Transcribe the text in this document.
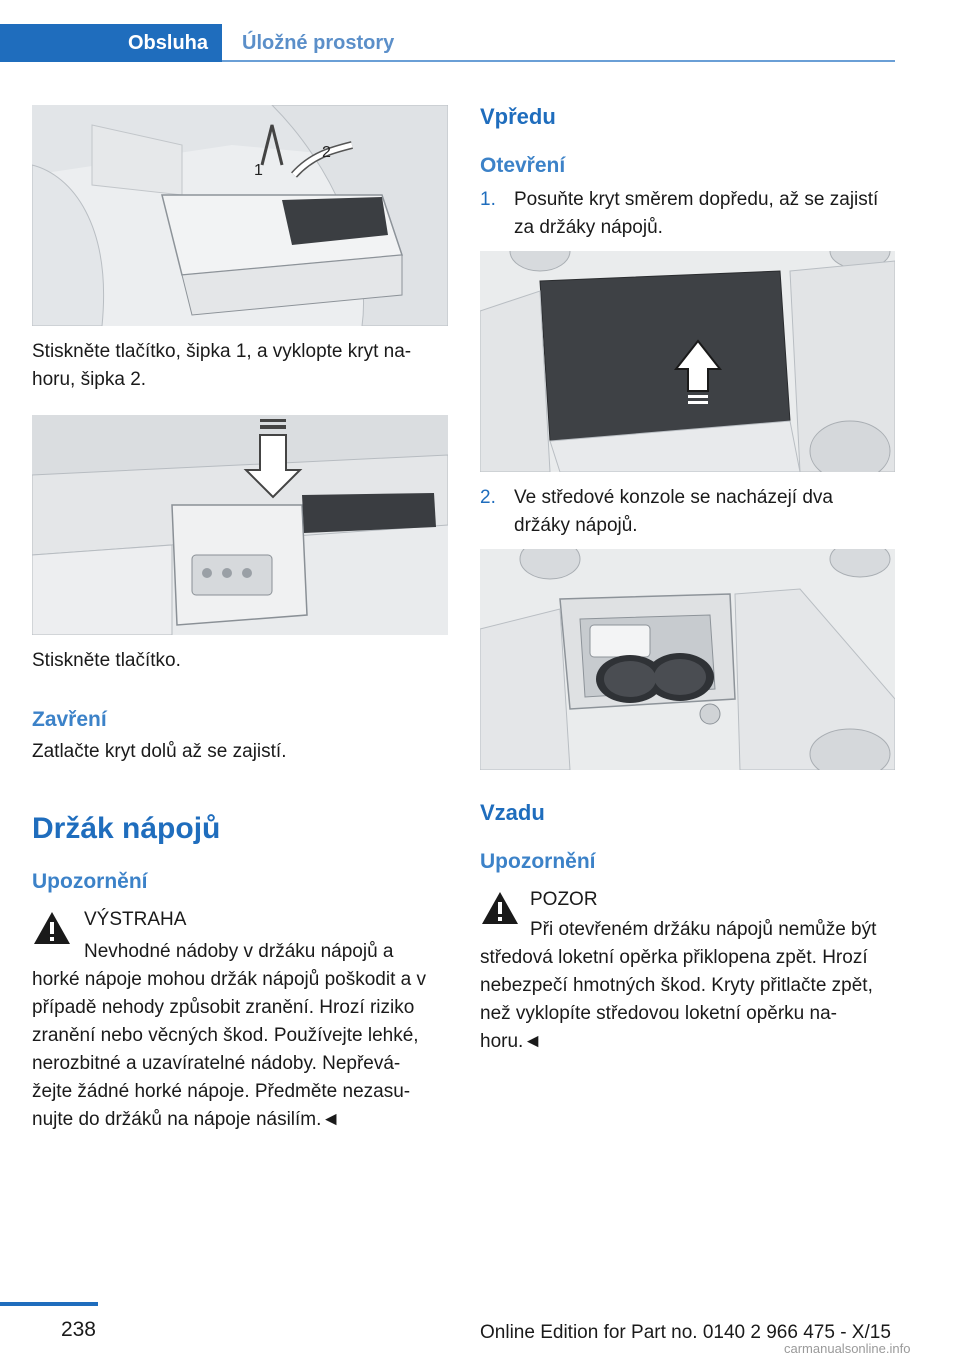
Obsluha	Úložné prostory
1
2
Stiskněte tlačítko, šipka 1, a vyklopte kryt na‐
horu, šipka 2.
Stiskněte tlačítko.
Zavření
Zatlačte kryt dolů až se zajistí.
Držák nápojů
Upozornění
VÝSTRAHA
Nevhodné nádoby v držáku nápojů a
horké nápoje mohou držák nápojů poškodit a v
případě nehody způsobit zranění. Hrozí riziko
zranění nebo věcných škod. Používejte lehké,
nerozbitné a uzavíratelné nádoby. Nepřevá‐
žejte žádné horké nápoje. Předměte nezasu‐
nujte do držáků na nápoje násilím.◄
Vpředu
Otevření
1. Posuňte kryt směrem dopředu, až se zajistí
za držáky nápojů.
2. Ve středové konzole se nacházejí dva
držáky nápojů.
Vzadu
Upozornění
POZOR
Při otevřeném držáku nápojů nemůže být
středová loketní opěrka přiklopena zpět. Hrozí
nebezpečí hmotných škod. Kryty přitlačte zpět,
než vyklopíte středovou loketní opěrku na‐
horu.◄
238	Online Edition for Part no. 0140 2 966 475 - X/15
carmanualsonline.info
